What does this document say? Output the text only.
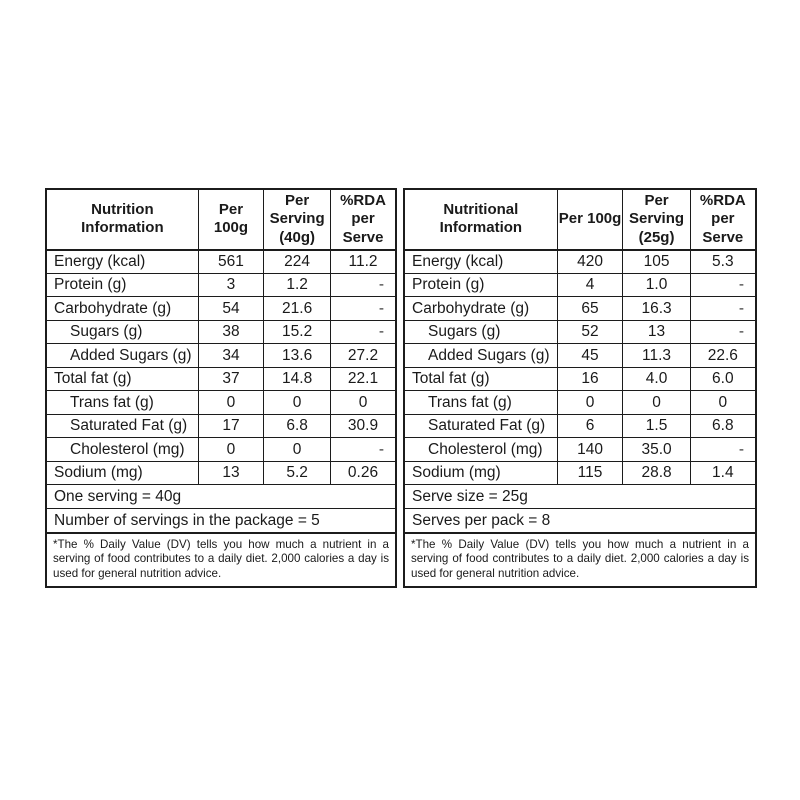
Nutrition Information	Per 100g	Per Serving (40g)	%RDA per Serve
Energy (kcal)	561	224	11.2
Protein (g)	3	1.2	-
Carbohydrate (g)	54	21.6	-
Sugars (g)	38	15.2	-
Added Sugars (g)	34	13.6	27.2
Total fat (g)	37	14.8	22.1
Trans fat (g)	0	0	0
Saturated Fat (g)	17	6.8	30.9
Cholesterol (mg)	0	0	-
Sodium (mg)	13	5.2	0.26
One serving = 40g			
Number of servings in the package = 5			
*The % Daily Value (DV) tells you how much a nutrient in a serving of food contributes to a daily diet. 2,000 calories a day is used for general nutrition advice.			
Nutritional Information	Per 100g	Per Serving (25g)	%RDA per Serve
Energy (kcal)	420	105	5.3
Protein (g)	4	1.0	-
Carbohydrate (g)	65	16.3	-
Sugars (g)	52	13	-
Added Sugars (g)	45	11.3	22.6
Total fat (g)	16	4.0	6.0
Trans fat (g)	0	0	0
Saturated Fat (g)	6	1.5	6.8
Cholesterol (mg)	140	35.0	-
Sodium (mg)	115	28.8	1.4
Serve size = 25g			
Serves per pack = 8			
*The % Daily Value (DV) tells you how much a nutrient in a serving of food contributes to a daily diet. 2,000 calories a day is used for general nutrition advice.			
